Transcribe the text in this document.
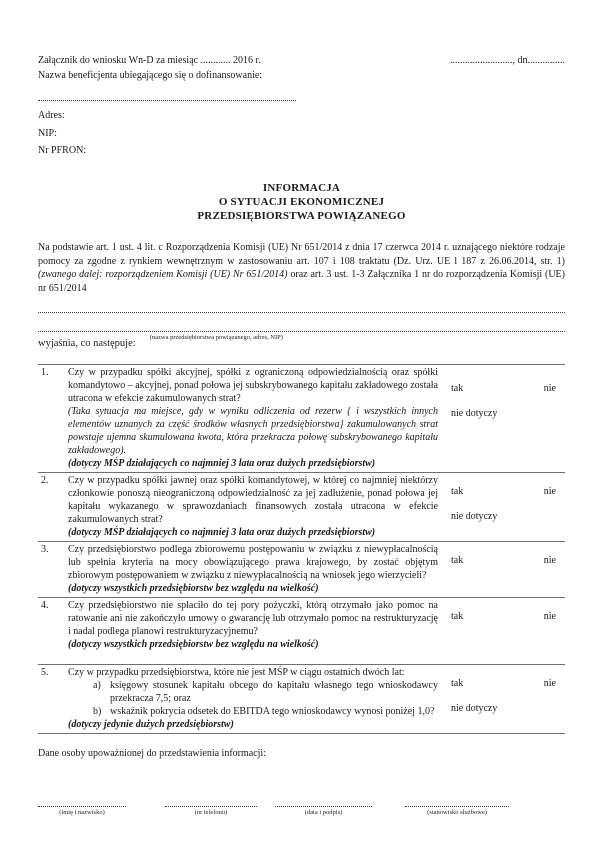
Załącznik do wniosku Wn-D za miesiąc ............ 2016 r.	........................., dn...............
Nazwa beneficjenta ubiegającego się o dofinansowanie:
Adres:
NIP:
Nr PFRON:
INFORMACJA
O SYTUACJI EKONOMICZNEJ
PRZEDSIĘBIORSTWA POWIĄZANEGO
Na podstawie art. 1 ust. 4 lit. c Rozporządzenia Komisji (UE) Nr 651/2014 z dnia 17 czerwca 2014 r. uznającego niektóre rodzaje pomocy za zgodne z rynkiem wewnętrznym w zastosowaniu art. 107 i 108 traktatu (Dz. Urz. UE l 187 z 26.06.2014, str. 1) (zwanego dalej: rozporządzeniem Komisji (UE) Nr 651/2014) oraz art. 3 ust. 1-3 Załącznika 1 nr do rozporządzenia Komisji (UE) nr 651/2014
wyjaśnia, co następuje:
(nazwa przedsiębiorstwa powiązanego, adres, NIP)
1.	Czy w przypadku spółki akcyjnej, spółki z ograniczoną odpowiedzialnością oraz spółki komandytowo – akcyjnej, ponad połowa jej subskrybowanego kapitału zakładowego została utracona w efekcie zakumulowanych strat?
(Taka sytuacja ma miejsce, gdy w wyniku odliczenia od rezerw { i wszystkich innych elementów uznanych za część środków własnych przedsiębiorstwa} zakumulowanych strat powstaje ujemna skumulowana kwota, która przekracza połowę subskrybowanego kapitału zakładowego).
(dotyczy MŚP działających co najmniej 3 lata oraz dużych przedsiębiorstw)
tak	nie
nie dotyczy
2.	Czy w przypadku spółki jawnej oraz spółki komandytowej, w której co najmniej niektórzy członkowie ponoszą nieograniczoną odpowiedzialność za jej zadłużenie, ponad połowa jej kapitału wykazanego w sprawozdaniach finansowych została utracona w efekcie zakumulowanych strat?
(dotyczy MŚP działających co najmniej 3 lata oraz dużych przedsiębiorstw)
tak	nie
nie dotyczy
3.	Czy przedsiębiorstwo podlega zbiorowemu postępowaniu w związku z niewypłacalnością lub spełnia kryteria na mocy obowiązującego prawa krajowego, by zostać objętym zbiorowym postępowaniem w związku z niewypłacalnością na wniosek jego wierzycieli?
(dotyczy wszystkich przedsiębiorstw bez względu na wielkość)
tak	nie
4.	Czy przedsiębiorstwo nie spłaciło do tej pory pożyczki, którą otrzymało jako pomoc na ratowanie ani nie zakończyło umowy o gwarancję lub otrzymało pomoc na restrukturyzację i nadal podlega planowi restrukturyzacyjnemu?
(dotyczy wszystkich przedsiębiorstw bez względu na wielkość)
tak	nie
5.	Czy w przypadku przedsiębiorstwa, które nie jest MŚP w ciągu ostatnich dwóch lat:
a) księgowy stosunek kapitału obcego do kapitału własnego tego wnioskodawcy przekracza 7,5; oraz
b) wskaźnik pokrycia odsetek do EBITDA tego wnioskodawcy wynosi poniżej 1,0?
(dotyczy jedynie dużych przedsiębiorstw)
tak	nie
nie dotyczy
Dane osoby upoważnionej do przedstawienia informacji:
(imię i nazwisko)	(nr telefonu)	(data i podpis)	(stanowisko służbowe)
